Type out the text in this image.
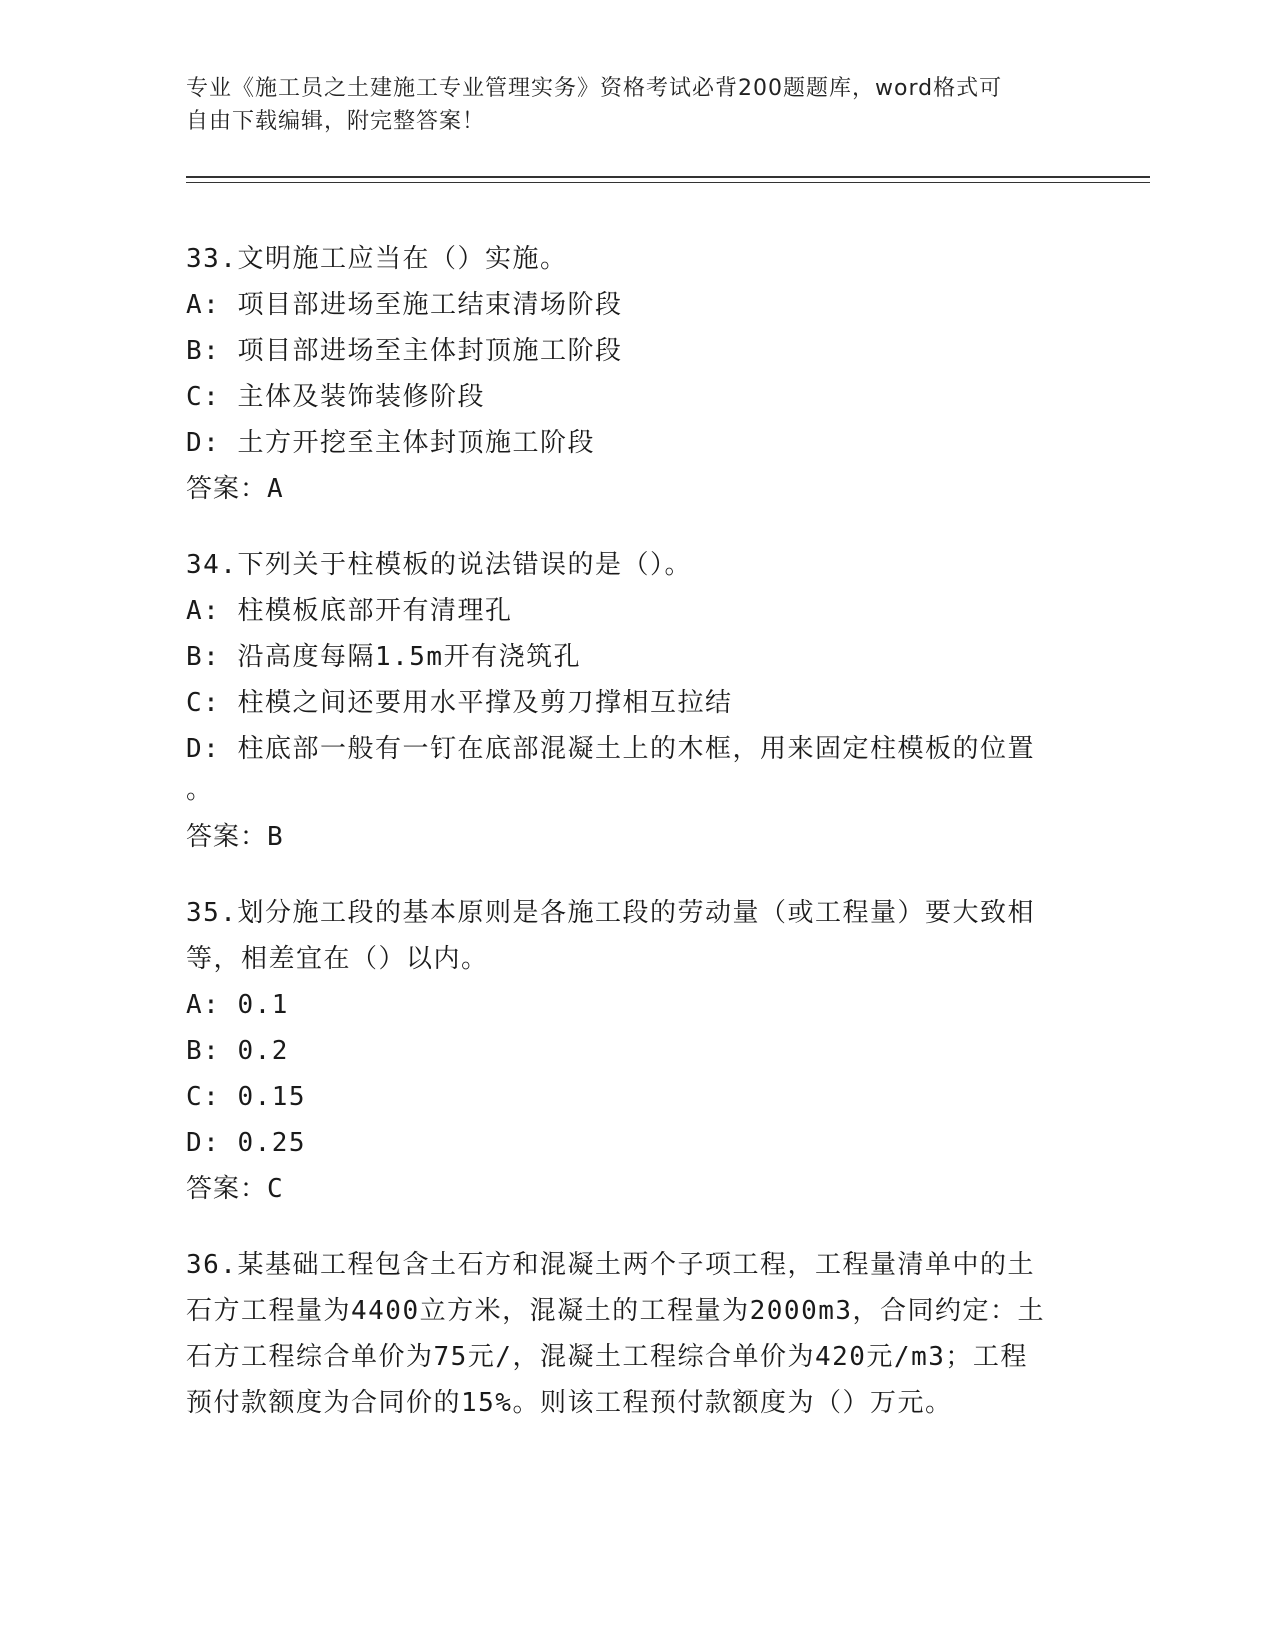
专业《施工员之土建施工专业管理实务》资格考试必背200题题库，word格式可
自由下载编辑，附完整答案！
33.文明施工应当在（）实施。
A: 项目部进场至施工结束清场阶段
B: 项目部进场至主体封顶施工阶段
C: 主体及装饰装修阶段
D: 土方开挖至主体封顶施工阶段
答案：A
34.下列关于柱模板的说法错误的是（）。
A: 柱模板底部开有清理孔
B: 沿高度每隔1.5m开有浇筑孔
C: 柱模之间还要用水平撑及剪刀撑相互拉结
D: 柱底部一般有一钉在底部混凝土上的木框，用来固定柱模板的位置
。
答案：B
35.划分施工段的基本原则是各施工段的劳动量（或工程量）要大致相
等，相差宜在（）以内。
A: 0.1
B: 0.2
C: 0.15
D: 0.25
答案：C
36.某基础工程包含土石方和混凝土两个子项工程，工程量清单中的土
石方工程量为4400立方米，混凝土的工程量为2000m3，合同约定：土
石方工程综合单价为75元/，混凝土工程综合单价为420元/m3；工程
预付款额度为合同价的15%。则该工程预付款额度为（）万元。
